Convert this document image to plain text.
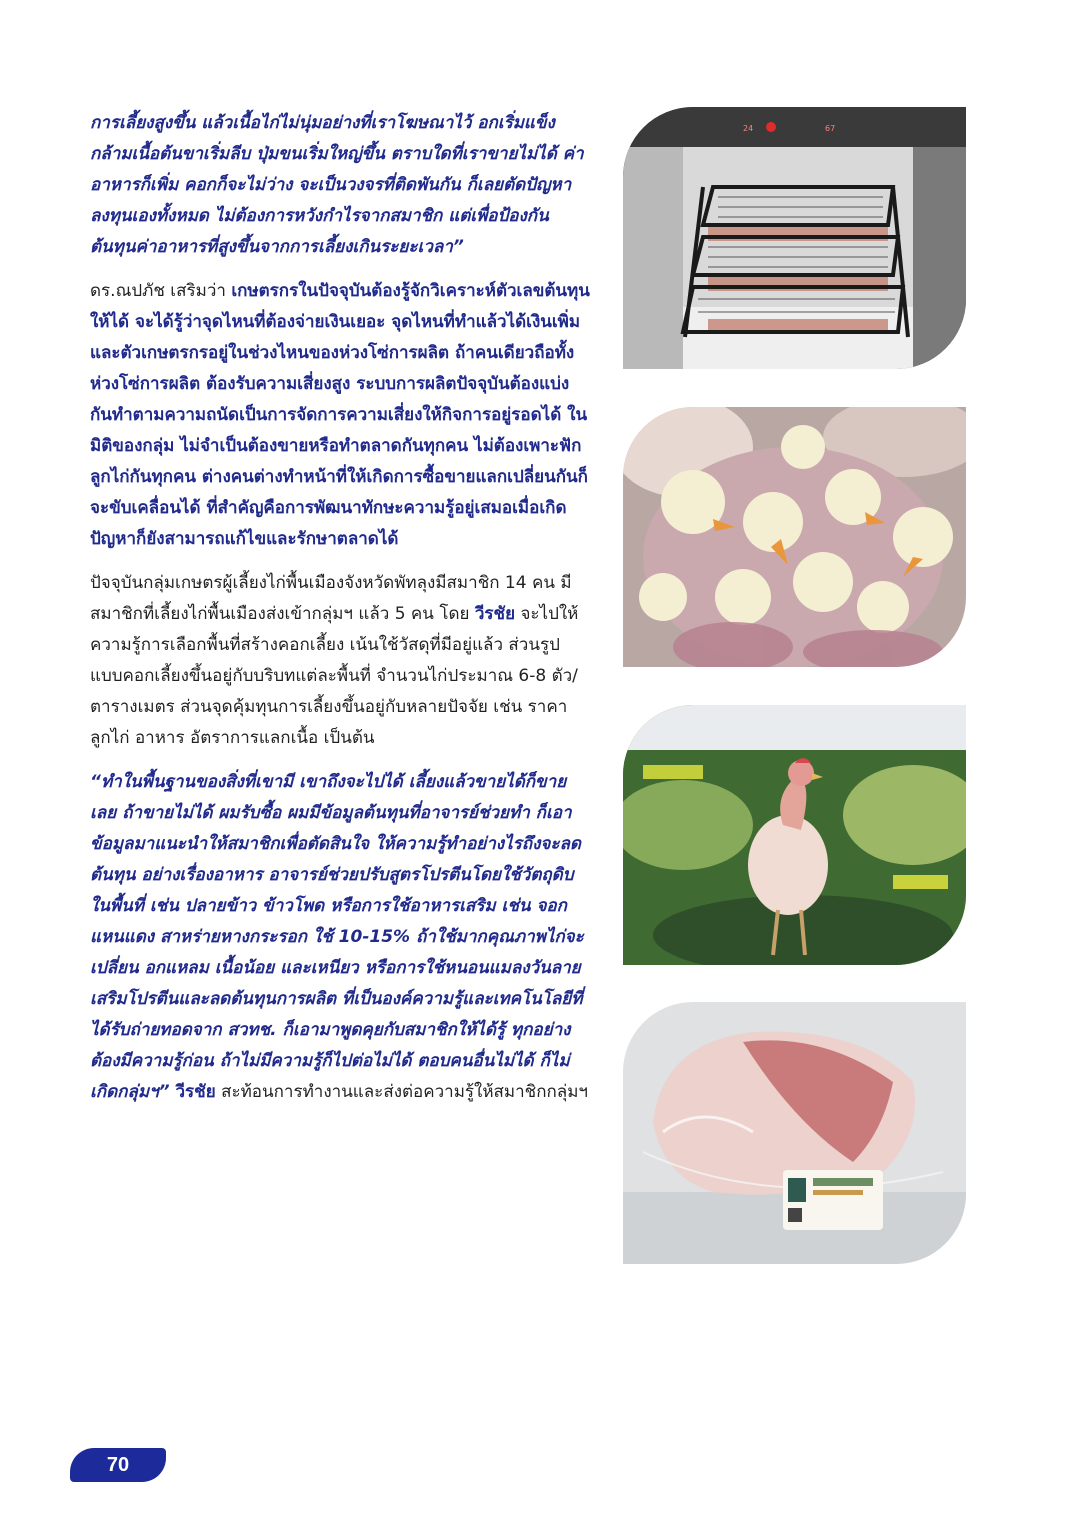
การเลี้ยงสูงขึ้น แล้วเนื้อไก่ไม่นุ่มอย่างที่เราโฆษณาไว้ อกเริ่มแข็ง กล้ามเนื้อต้นขาเริ่มลีบ ปุ่มขนเริ่มใหญ่ขึ้น ตราบใดที่เราขายไม่ได้ ค่าอาหารก็เพิ่ม คอกก็จะไม่ว่าง จะเป็นวงจรที่ติดพันกัน ก็เลยตัดปัญหา ลงทุนเองทั้งหมด ไม่ต้องการหวังกำไรจากสมาชิก แต่เพื่อป้องกันต้นทุนค่าอาหารที่สูงขึ้นจากการเลี้ยงเกินระยะเวลา”

ดร.ณปภัช เสริมว่า เกษตรกรในปัจจุบันต้องรู้จักวิเคราะห์ตัวเลขต้นทุนให้ได้ จะได้รู้ว่าจุดไหนที่ต้องจ่ายเงินเยอะ จุดไหนที่ทำแล้วได้เงินเพิ่มและตัวเกษตรกรอยู่ในช่วงไหนของห่วงโซ่การผลิต ถ้าคนเดียวถือทั้งห่วงโซ่การผลิต ต้องรับความเสี่ยงสูง ระบบการผลิตปัจจุบันต้องแบ่งกันทำตามความถนัดเป็นการจัดการความเสี่ยงให้กิจการอยู่รอดได้ ในมิติของกลุ่ม ไม่จำเป็นต้องขายหรือทำตลาดกันทุกคน ไม่ต้องเพาะฟักลูกไก่กันทุกคน ต่างคนต่างทำหน้าที่ให้เกิดการซื้อขายแลกเปลี่ยนกันก็จะขับเคลื่อนได้ ที่สำคัญคือการพัฒนาทักษะความรู้อยู่เสมอเมื่อเกิดปัญหาก็ยังสามารถแก้ไขและรักษาตลาดได้

ปัจจุบันกลุ่มเกษตรผู้เลี้ยงไก่พื้นเมืองจังหวัดพัทลุงมีสมาชิก 14 คน มีสมาชิกที่เลี้ยงไก่พื้นเมืองส่งเข้ากลุ่มฯ แล้ว 5 คน โดย วีรชัย จะไปให้ความรู้การเลือกพื้นที่สร้างคอกเลี้ยง เน้นใช้วัสดุที่มีอยู่แล้ว ส่วนรูปแบบคอกเลี้ยงขึ้นอยู่กับบริบทแต่ละพื้นที่ จำนวนไก่ประมาณ 6-8 ตัว/ตารางเมตร ส่วนจุดคุ้มทุนการเลี้ยงขึ้นอยู่กับหลายปัจจัย เช่น ราคาลูกไก่ อาหาร อัตราการแลกเนื้อ เป็นต้น

“ทำในพื้นฐานของสิ่งที่เขามี เขาถึงจะไปได้ เลี้ยงแล้วขายได้ก็ขายเลย ถ้าขายไม่ได้ ผมรับซื้อ ผมมีข้อมูลต้นทุนที่อาจารย์ช่วยทำ ก็เอาข้อมูลมาแนะนำให้สมาชิกเพื่อตัดสินใจ ให้ความรู้ทำอย่างไรถึงจะลดต้นทุน อย่างเรื่องอาหาร อาจารย์ช่วยปรับสูตรโปรตีนโดยใช้วัตถุดิบในพื้นที่ เช่น ปลายข้าว ข้าวโพด หรือการใช้อาหารเสริม เช่น จอก แหนแดง สาหร่ายหางกระรอก ใช้ 10-15% ถ้าใช้มากคุณภาพไก่จะเปลี่ยน อกแหลม เนื้อน้อย และเหนียว หรือการใช้หนอนแมลงวันลายเสริมโปรตีนและลดต้นทุนการผลิต ที่เป็นองค์ความรู้และเทคโนโลยีที่ได้รับถ่ายทอดจาก สวทช. ก็เอามาพูดคุยกับสมาชิกให้ได้รู้ ทุกอย่างต้องมีความรู้ก่อน ถ้าไม่มีความรู้ก็ไปต่อไม่ได้ ตอบคนอื่นไม่ได้ ก็ไม่เกิดกลุ่มฯ” วีรชัย สะท้อนการทำงานและส่งต่อความรู้ให้สมาชิกกลุ่มฯ

24	67
70
